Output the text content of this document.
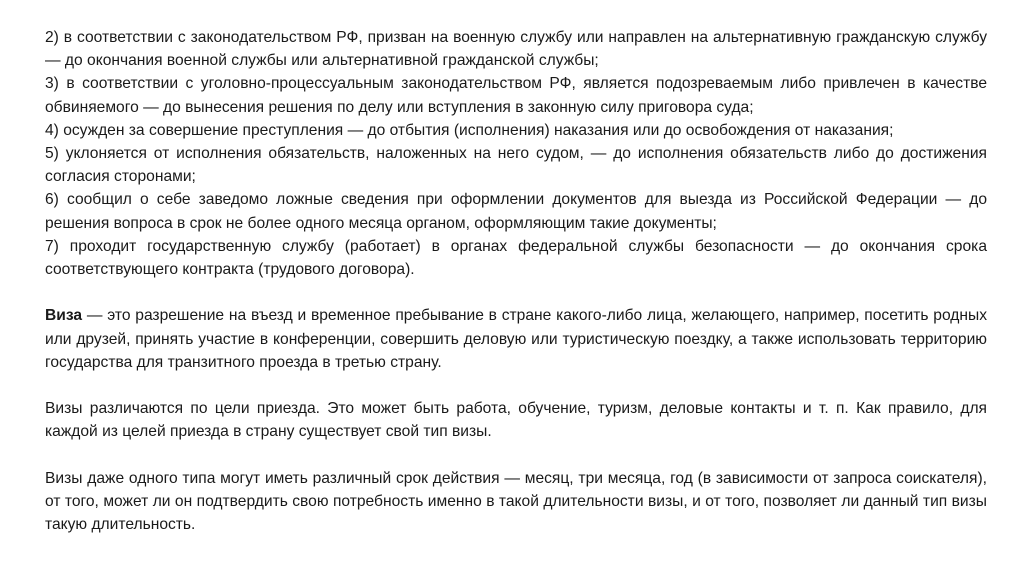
2) в соответствии с законодательством РФ, призван на военную службу или направлен на альтернативную гражданскую службу — до окончания военной службы или альтернативной гражданской службы;

3) в соответствии с уголовно-процессуальным законодательством РФ, является подозреваемым либо привлечен в качестве обвиняемого — до вынесения решения по делу или вступления в законную силу приговора суда;

4) осужден за совершение преступления — до отбытия (исполнения) наказания или до освобождения от наказания;

5) уклоняется от исполнения обязательств, наложенных на него судом, — до исполнения обязательств либо до достижения согласия сторонами;

6) сообщил о себе заведомо ложные сведения при оформлении документов для выезда из Российской Федерации — до решения вопроса в срок не более одного месяца органом, оформляющим такие документы;

7) проходит государственную службу (работает) в органах федеральной службы безопасности — до окончания срока соответствующего контракта (трудового договора).

Виза — это разрешение на въезд и временное пребывание в стране какого-либо лица, желающего, например, посетить родных или друзей, принять участие в конференции, совершить деловую или туристическую поездку, а также использовать территорию государства для транзитного проезда в третью страну.

Визы различаются по цели приезда. Это может быть работа, обучение, туризм, деловые контакты и т. п. Как правило, для каждой из целей приезда в страну существует свой тип визы.

Визы даже одного типа могут иметь различный срок действия — месяц, три месяца, год (в зависимости от запроса соискателя), от того, может ли он подтвердить свою потребность именно в такой длительности визы, и от того, позволяет ли данный тип визы такую длительность.
